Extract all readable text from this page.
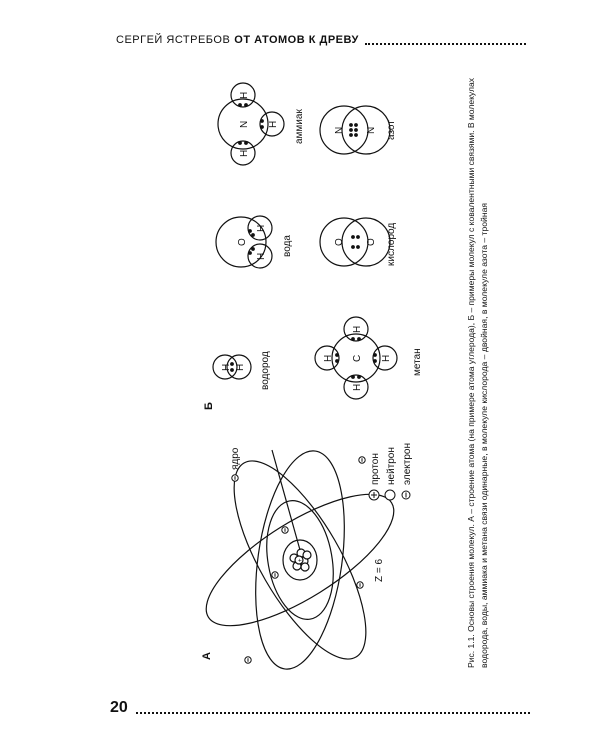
СЕРГЕЙ ЯСТРЕБОВ ОТ АТОМОВ К ДРЕВУ
А
+
ядро
Z = 6
протон нейтрон электрон
Б
H H водород	C
H	H
H
H
метан
O
H
H
вода	O O кислород
N
H
H
H аммиак	N N азот	Рис. 1.1. Основы строения молекул. А – строение атома (на примере атома углерода), Б – примеры молекул с ковалентными связями. В молекулах водорода, воды, аммиака и метана связи одинарные, в молекуле кислорода – двойная, в молекуле азота – тройная
20
